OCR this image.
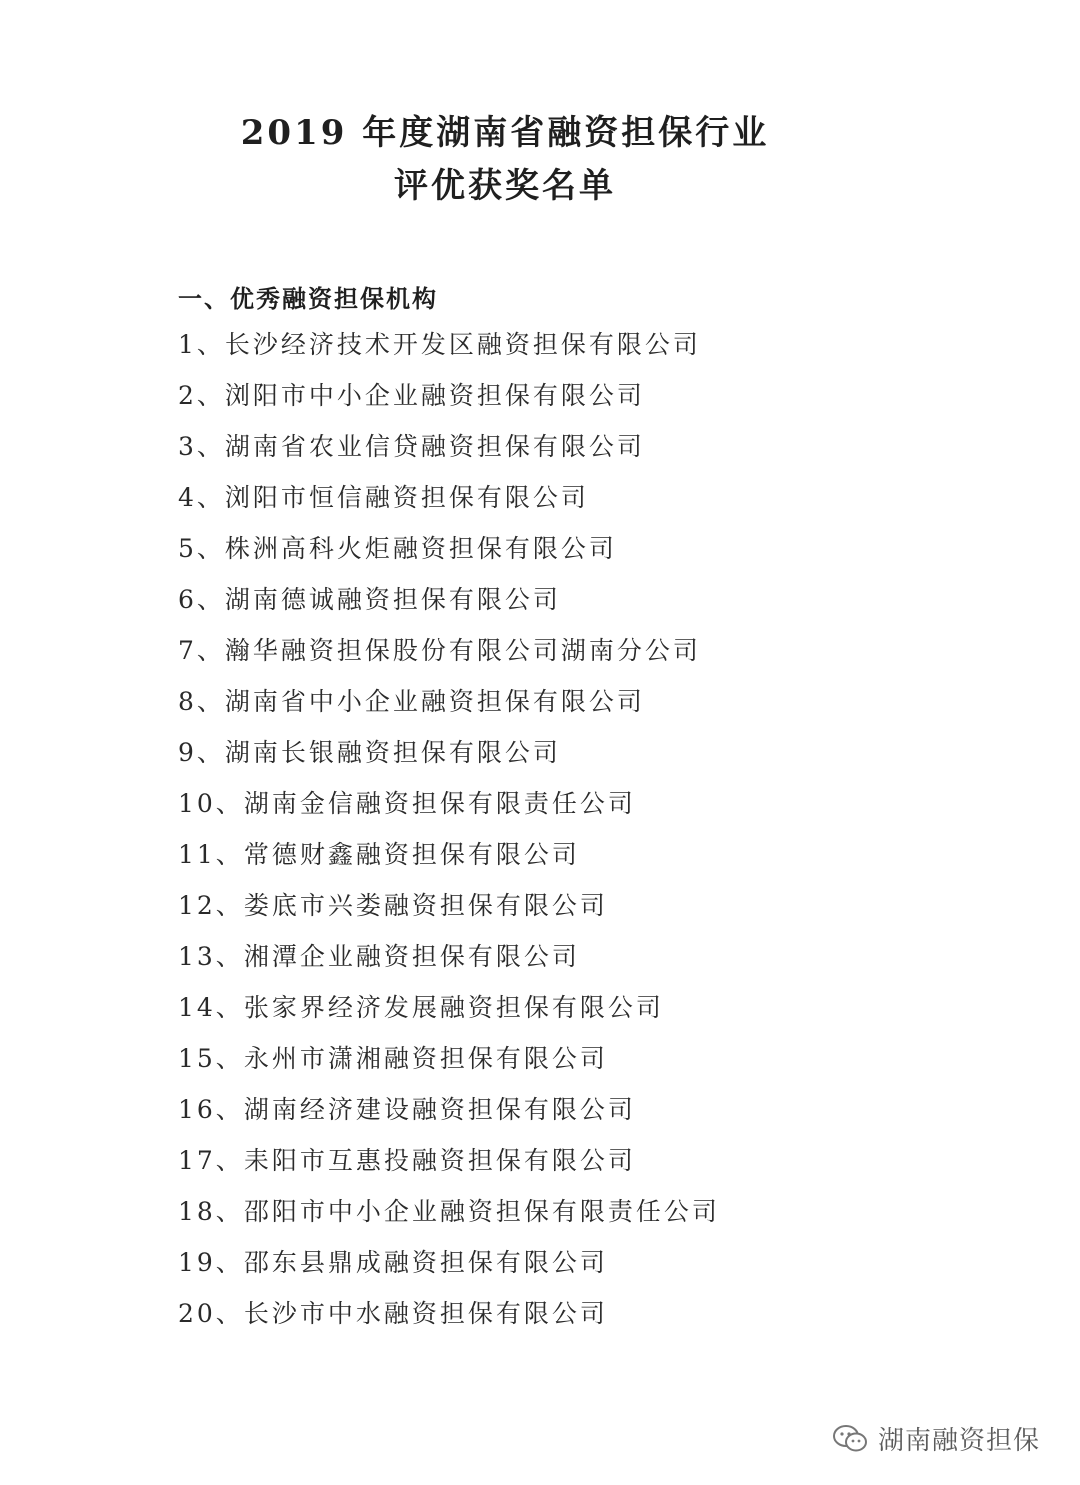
2019 年度湖南省融资担保行业
评优获奖名单
一、优秀融资担保机构
1、长沙经济技术开发区融资担保有限公司
2、浏阳市中小企业融资担保有限公司
3、湖南省农业信贷融资担保有限公司
4、浏阳市恒信融资担保有限公司
5、株洲高科火炬融资担保有限公司
6、湖南德诚融资担保有限公司
7、瀚华融资担保股份有限公司湖南分公司
8、湖南省中小企业融资担保有限公司
9、湖南长银融资担保有限公司
10、湖南金信融资担保有限责任公司
11、常德财鑫融资担保有限公司
12、娄底市兴娄融资担保有限公司
13、湘潭企业融资担保有限公司
14、张家界经济发展融资担保有限公司
15、永州市潇湘融资担保有限公司
16、湖南经济建设融资担保有限公司
17、耒阳市互惠投融资担保有限公司
18、邵阳市中小企业融资担保有限责任公司
19、邵东县鼎成融资担保有限公司
20、长沙市中水融资担保有限公司
湖南融资担保
